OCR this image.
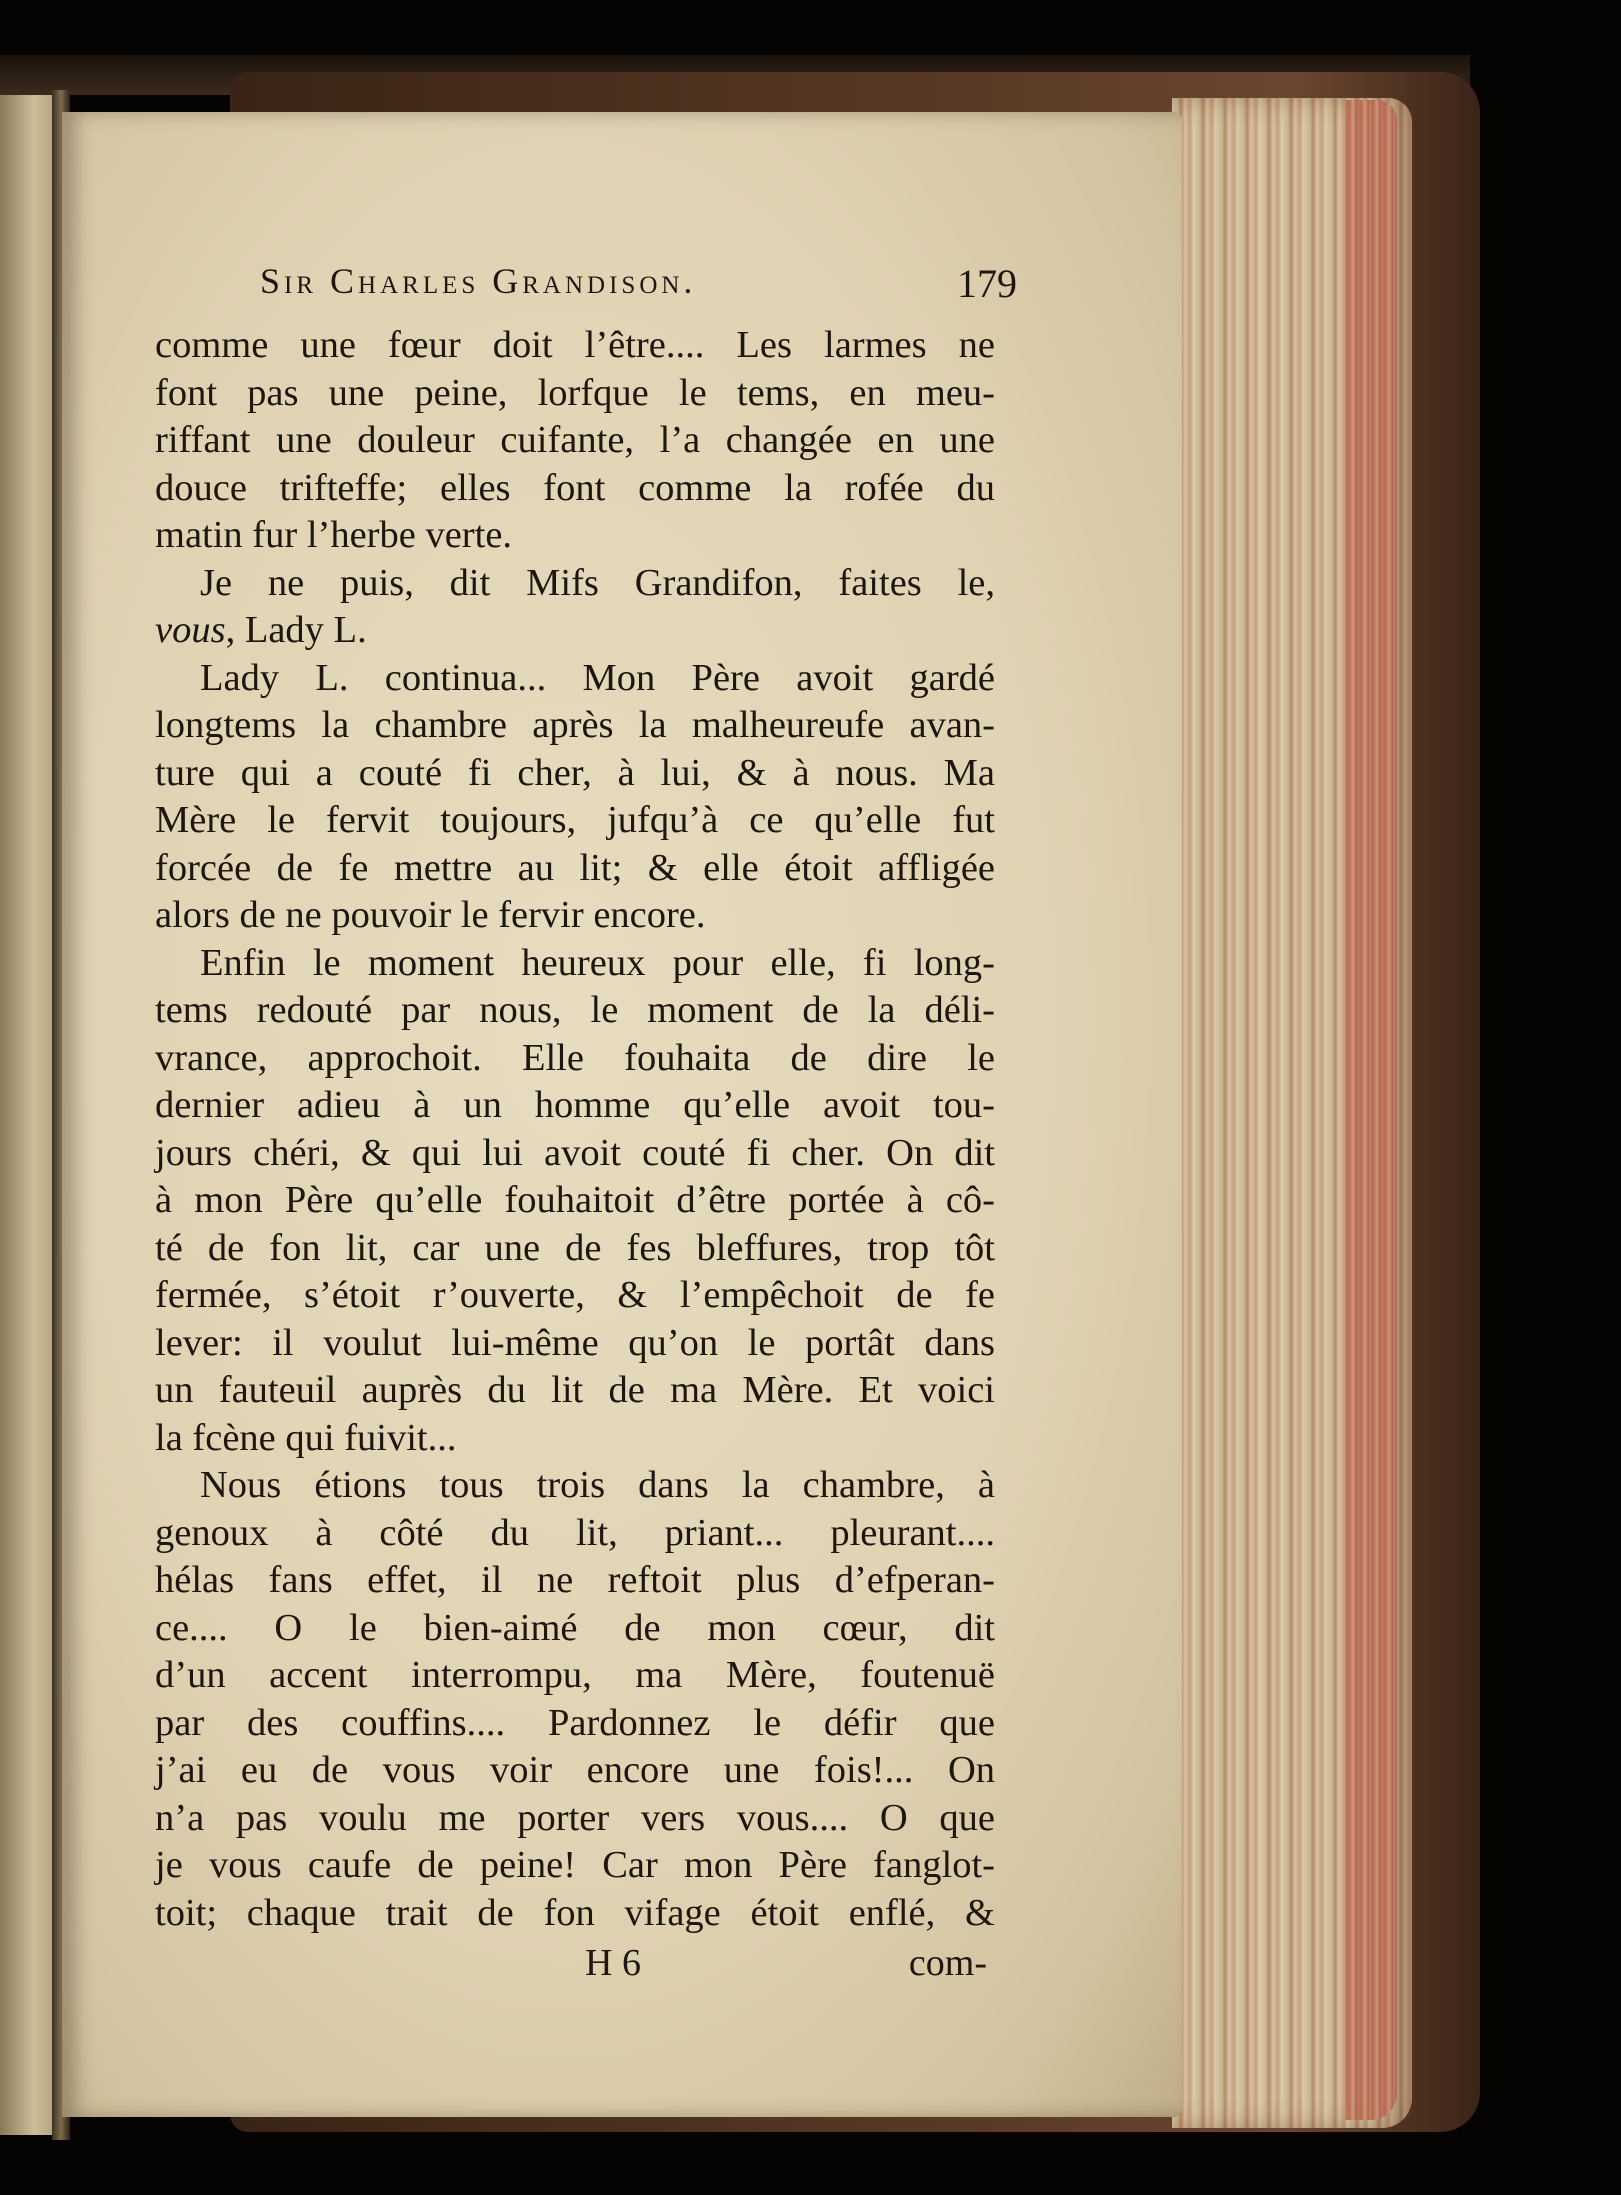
Sir Charles Grandison.	179
comme une fœur doit l’être.... Les larmes ne
font pas une peine, lorfque le tems, en meu-
riffant une douleur cuifante, l’a changée en une
douce trifteffe; elles font comme la rofée du
matin fur l’herbe verte.
Je ne puis, dit Mifs Grandifon, faites le,
vous, Lady L.
Lady L. continua... Mon Père avoit gardé
longtems la chambre après la malheureufe avan-
ture qui a couté fi cher, à lui, & à nous. Ma
Mère le fervit toujours, jufqu’à ce qu’elle fut
forcée de fe mettre au lit; & elle étoit affligée
alors de ne pouvoir le fervir encore.
Enfin le moment heureux pour elle, fi long-
tems redouté par nous, le moment de la déli-
vrance, approchoit. Elle fouhaita de dire le
dernier adieu à un homme qu’elle avoit tou-
jours chéri, & qui lui avoit couté fi cher. On dit
à mon Père qu’elle fouhaitoit d’être portée à cô-
té de fon lit, car une de fes bleffures, trop tôt
fermée, s’étoit r’ouverte, & l’empêchoit de fe
lever: il voulut lui-même qu’on le portât dans
un fauteuil auprès du lit de ma Mère. Et voici
la fcène qui fuivit...
Nous étions tous trois dans la chambre, à
genoux à côté du lit, priant... pleurant....
hélas fans effet, il ne reftoit plus d’efperan-
ce.... O le bien-aimé de mon cœur, dit
d’un accent interrompu, ma Mère, foutenuë
par des couffins.... Pardonnez le défir que
j’ai eu de vous voir encore une fois!... On
n’a pas voulu me porter vers vous.... O que
je vous caufe de peine! Car mon Père fanglot-
toit; chaque trait de fon vifage étoit enflé, &
H 6	com-
